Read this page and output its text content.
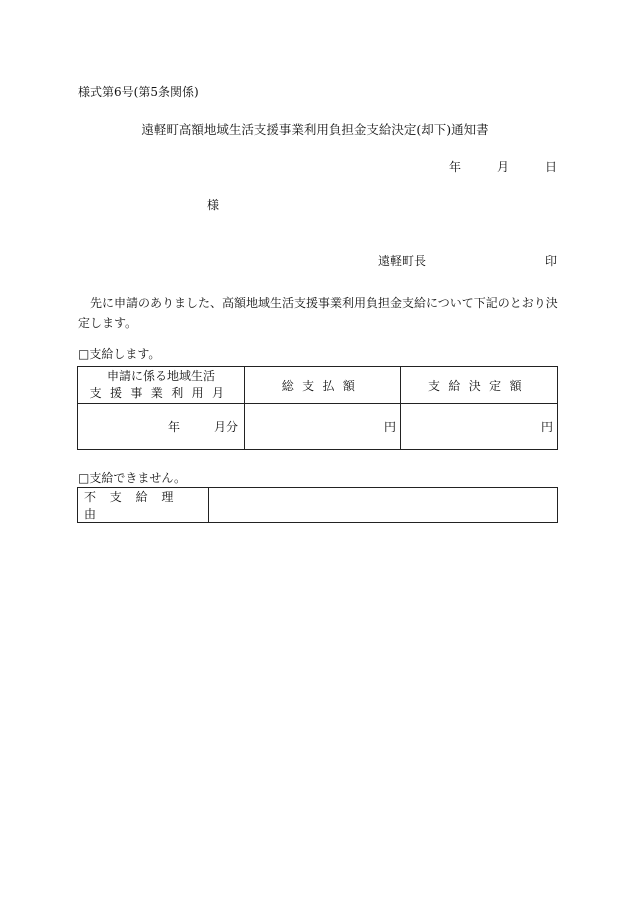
様式第6号(第5条関係)
遠軽町高額地域生活支援事業利用負担金支給決定(却下)通知書
年	月	日
様
遠軽町長	印
先に申請のありました、高額地域生活支援事業利用負担金支給について下記のとおり決定します。
□支給します。
申請に係る地域生活
支援事業利用月	総支払額	支給決定額
年 月分	円	円
□支給できません。
不支給理由	
